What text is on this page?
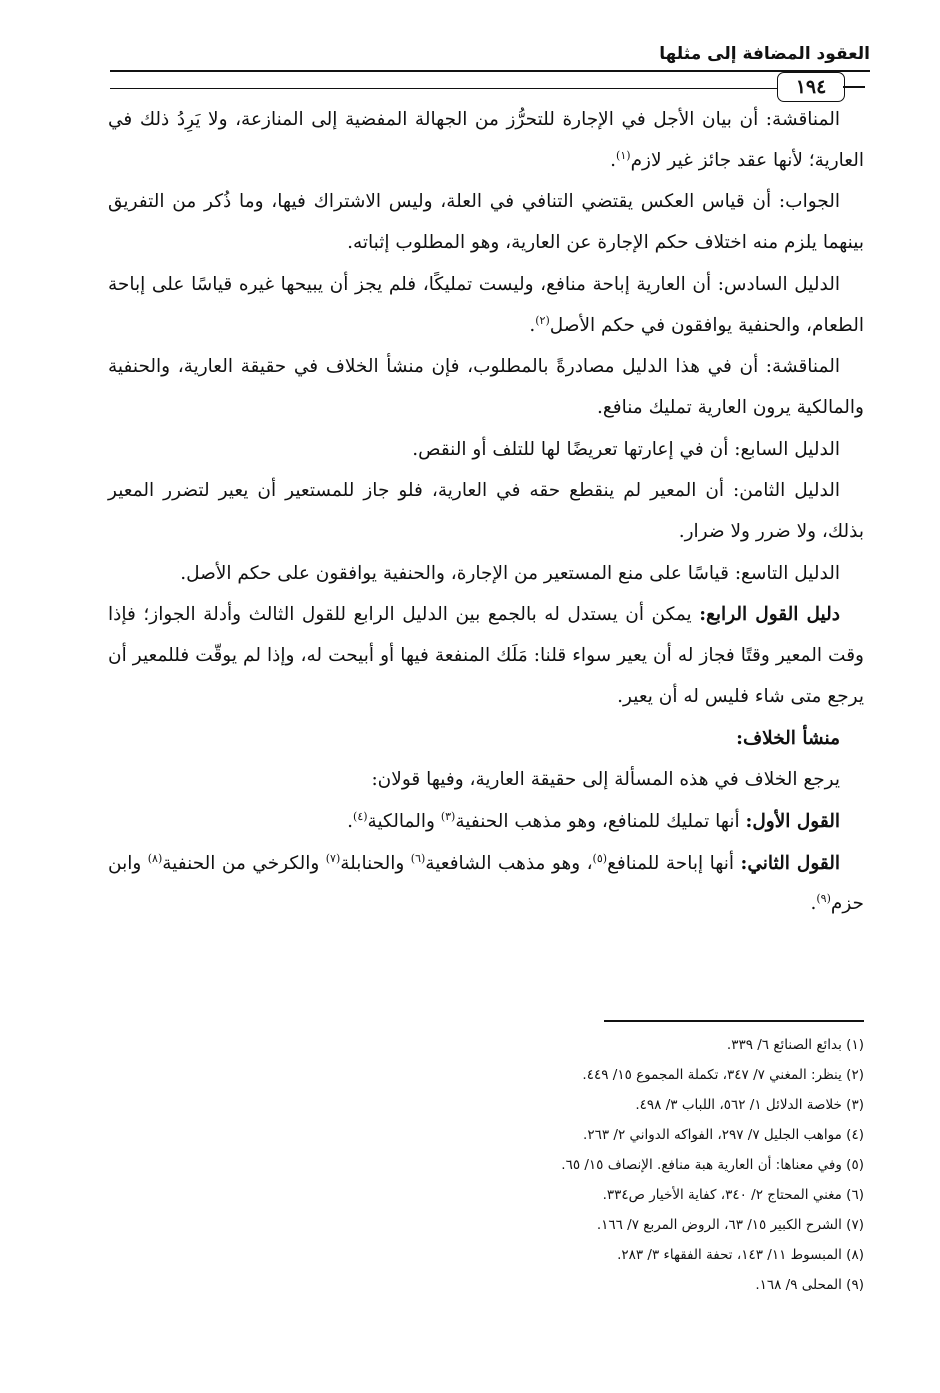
العقود المضافة إلى مثلها
١٩٤

المناقشة: أن بيان الأجل في الإجارة للتحرُّز من الجهالة المفضية إلى المنازعة، ولا يَرِدُ ذلك في العارية؛ لأنها عقد جائز غير لازم$^{(١)}$.

الجواب: أن قياس العكس يقتضي التنافي في العلة، وليس الاشتراك فيها، وما ذُكر من التفريق بينهما يلزم منه اختلاف حكم الإجارة عن العارية، وهو المطلوب إثباته.

الدليل السادس: أن العارية إباحة منافع، وليست تمليكًا، فلم يجز أن يبيحها غيره قياسًا على إباحة الطعام، والحنفية يوافقون في حكم الأصل$^{(٢)}$.

المناقشة: أن في هذا الدليل مصادرةً بالمطلوب، فإن منشأ الخلاف في حقيقة العارية، والحنفية والمالكية يرون العارية تمليك منافع.

الدليل السابع: أن في إعارتها تعريضًا لها للتلف أو النقص.

الدليل الثامن: أن المعير لم ينقطع حقه في العارية، فلو جاز للمستعير أن يعير لتضرر المعير بذلك، ولا ضرر ولا ضرار.

الدليل التاسع: قياسًا على منع المستعير من الإجارة، والحنفية يوافقون على حكم الأصل.

دليل القول الرابع: يمكن أن يستدل له بالجمع بين الدليل الرابع للقول الثالث وأدلة الجواز؛ فإذا وقت المعير وقتًا فجاز له أن يعير سواء قلنا: مَلَك المنفعة فيها أو أبيحت له، وإذا لم يوقّت فللمعير أن يرجع متى شاء فليس له أن يعير.

منشأ الخلاف:

يرجع الخلاف في هذه المسألة إلى حقيقة العارية، وفيها قولان:

القول الأول: أنها تمليك للمنافع، وهو مذهب الحنفية$^{(٣)}$ والمالكية$^{(٤)}$.

القول الثاني: أنها إباحة للمنافع$^{(٥)}$، وهو مذهب الشافعية$^{(٦)}$ والحنابلة$^{(٧)}$ والكرخي من الحنفية$^{(٨)}$ وابن حزم$^{(٩)}$.

(١) بدائع الصنائع ٦/ ٣٣٩.
(٢) ينظر: المغني ٧/ ٣٤٧، تكملة المجموع ١٥/ ٤٤٩.
(٣) خلاصة الدلائل ١/ ٥٦٢، اللباب ٣/ ٤٩٨.
(٤) مواهب الجليل ٧/ ٢٩٧، الفواكه الدواني ٢/ ٢٦٣.
(٥) وفي معناها: أن العارية هبة منافع. الإنصاف ١٥/ ٦٥.
(٦) مغني المحتاج ٢/ ٣٤٠، كفاية الأخيار ص٣٣٤.
(٧) الشرح الكبير ١٥/ ٦٣، الروض المربع ٧/ ١٦٦.
(٨) المبسوط ١١/ ١٤٣، تحفة الفقهاء ٣/ ٢٨٣.
(٩) المحلى ٩/ ١٦٨.
